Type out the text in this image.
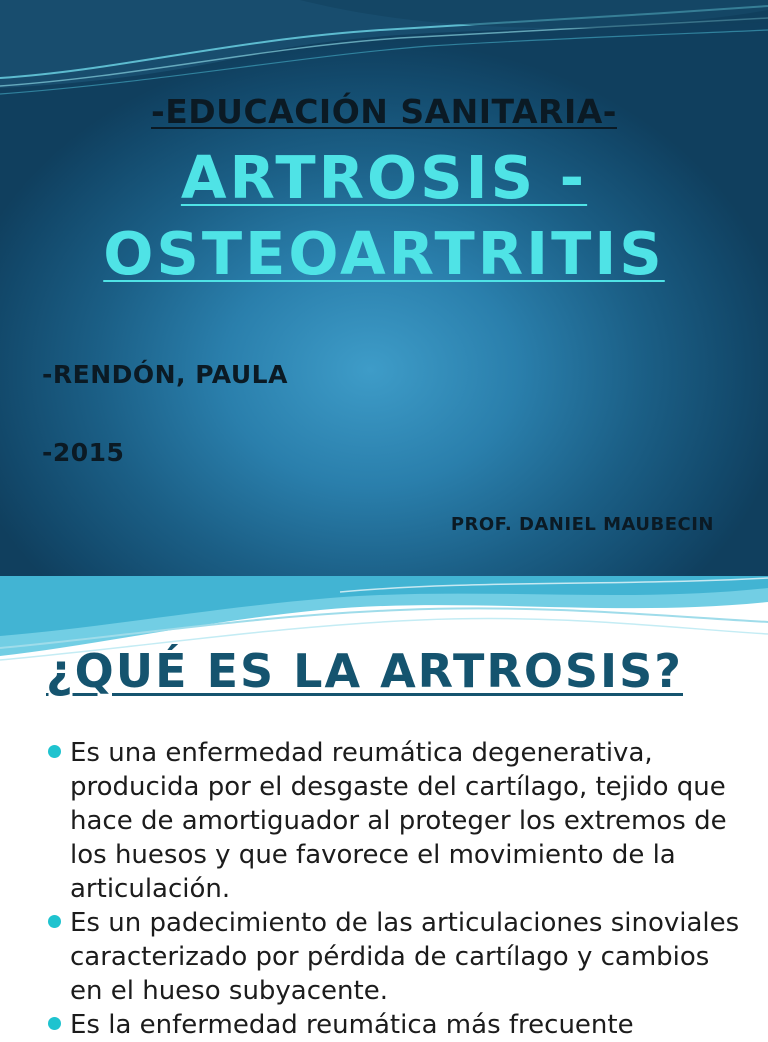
-EDUCACIÓN SANITARIA-
ARTROSIS -
OSTEOARTRITIS
-RENDÓN, PAULA
-2015
PROF. DANIEL MAUBECIN
¿QUÉ ES LA ARTROSIS?
Es una enfermedad reumática degenerativa, producida por el desgaste del cartílago, tejido que hace de amortiguador al proteger los extremos de los huesos y que favorece el movimiento de la articulación.
Es un padecimiento de las articulaciones sinoviales caracterizado por pérdida de cartílago y cambios en el hueso subyacente.
Es la enfermedad reumática más frecuente
